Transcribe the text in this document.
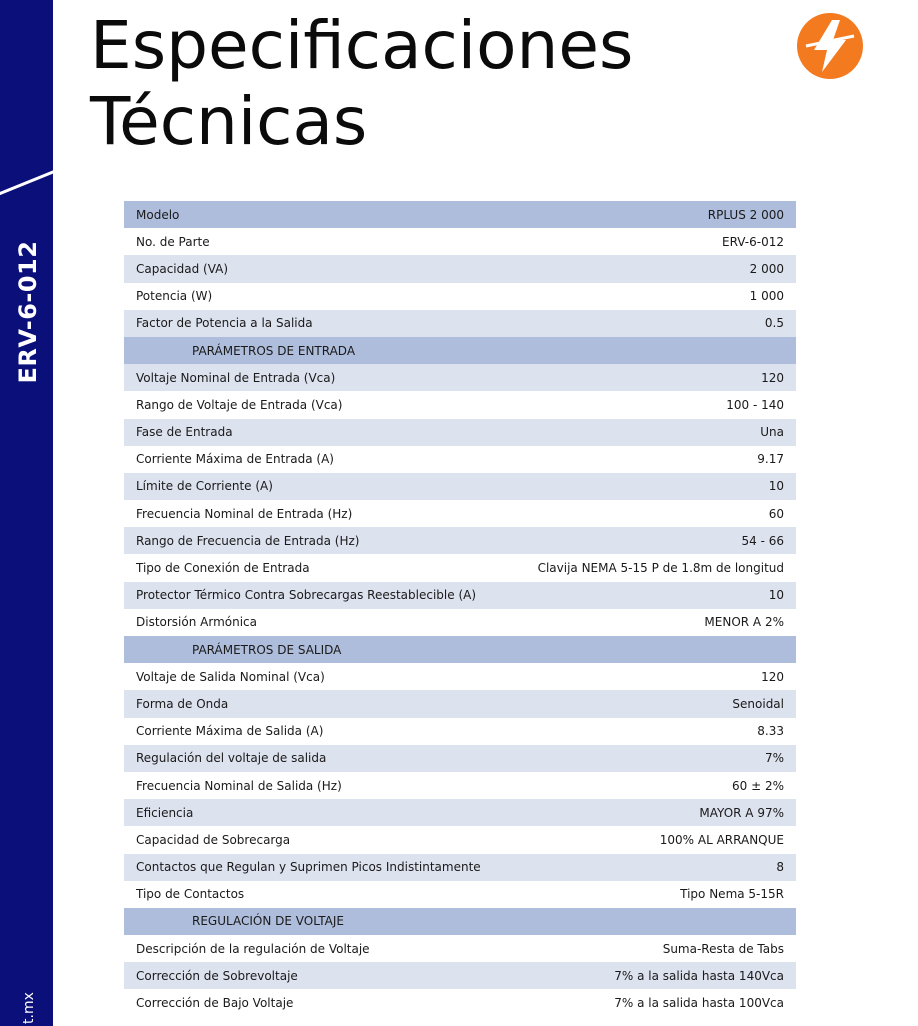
ERV-6-012
t.mx
Especificaciones
Técnicas
Modelo	RPLUS 2 000
No. de Parte	ERV-6-012
Capacidad (VA)	2 000
Potencia (W)	1 000
Factor de Potencia a la Salida	0.5
PARÁMETROS DE ENTRADA	
Voltaje Nominal de Entrada (Vca)	120
Rango de Voltaje de Entrada (Vca)	100 - 140
Fase de Entrada	Una
Corriente Máxima de Entrada (A)	9.17
Límite de Corriente (A)	10
Frecuencia Nominal de Entrada (Hz)	60
Rango de Frecuencia de Entrada (Hz)	54 - 66
Tipo de Conexión de Entrada	Clavija NEMA 5-15 P de 1.8m de longitud
Protector Térmico Contra Sobrecargas Reestablecible (A)	10
Distorsión Armónica	MENOR A 2%
PARÁMETROS DE SALIDA	
Voltaje de Salida Nominal (Vca)	120
Forma de Onda	Senoidal
Corriente Máxima de Salida (A)	8.33
Regulación del voltaje de salida	7%
Frecuencia Nominal de Salida (Hz)	60 ± 2%
Eficiencia	MAYOR A 97%
Capacidad de Sobrecarga	100% AL ARRANQUE
Contactos que Regulan y Suprimen Picos Indistintamente	8
Tipo de Contactos	Tipo Nema 5-15R
REGULACIÓN DE VOLTAJE	
Descripción de la regulación de Voltaje	Suma-Resta de Tabs
Corrección de Sobrevoltaje	7% a la salida hasta 140Vca
Corrección de Bajo Voltaje	7% a la salida hasta 100Vca
